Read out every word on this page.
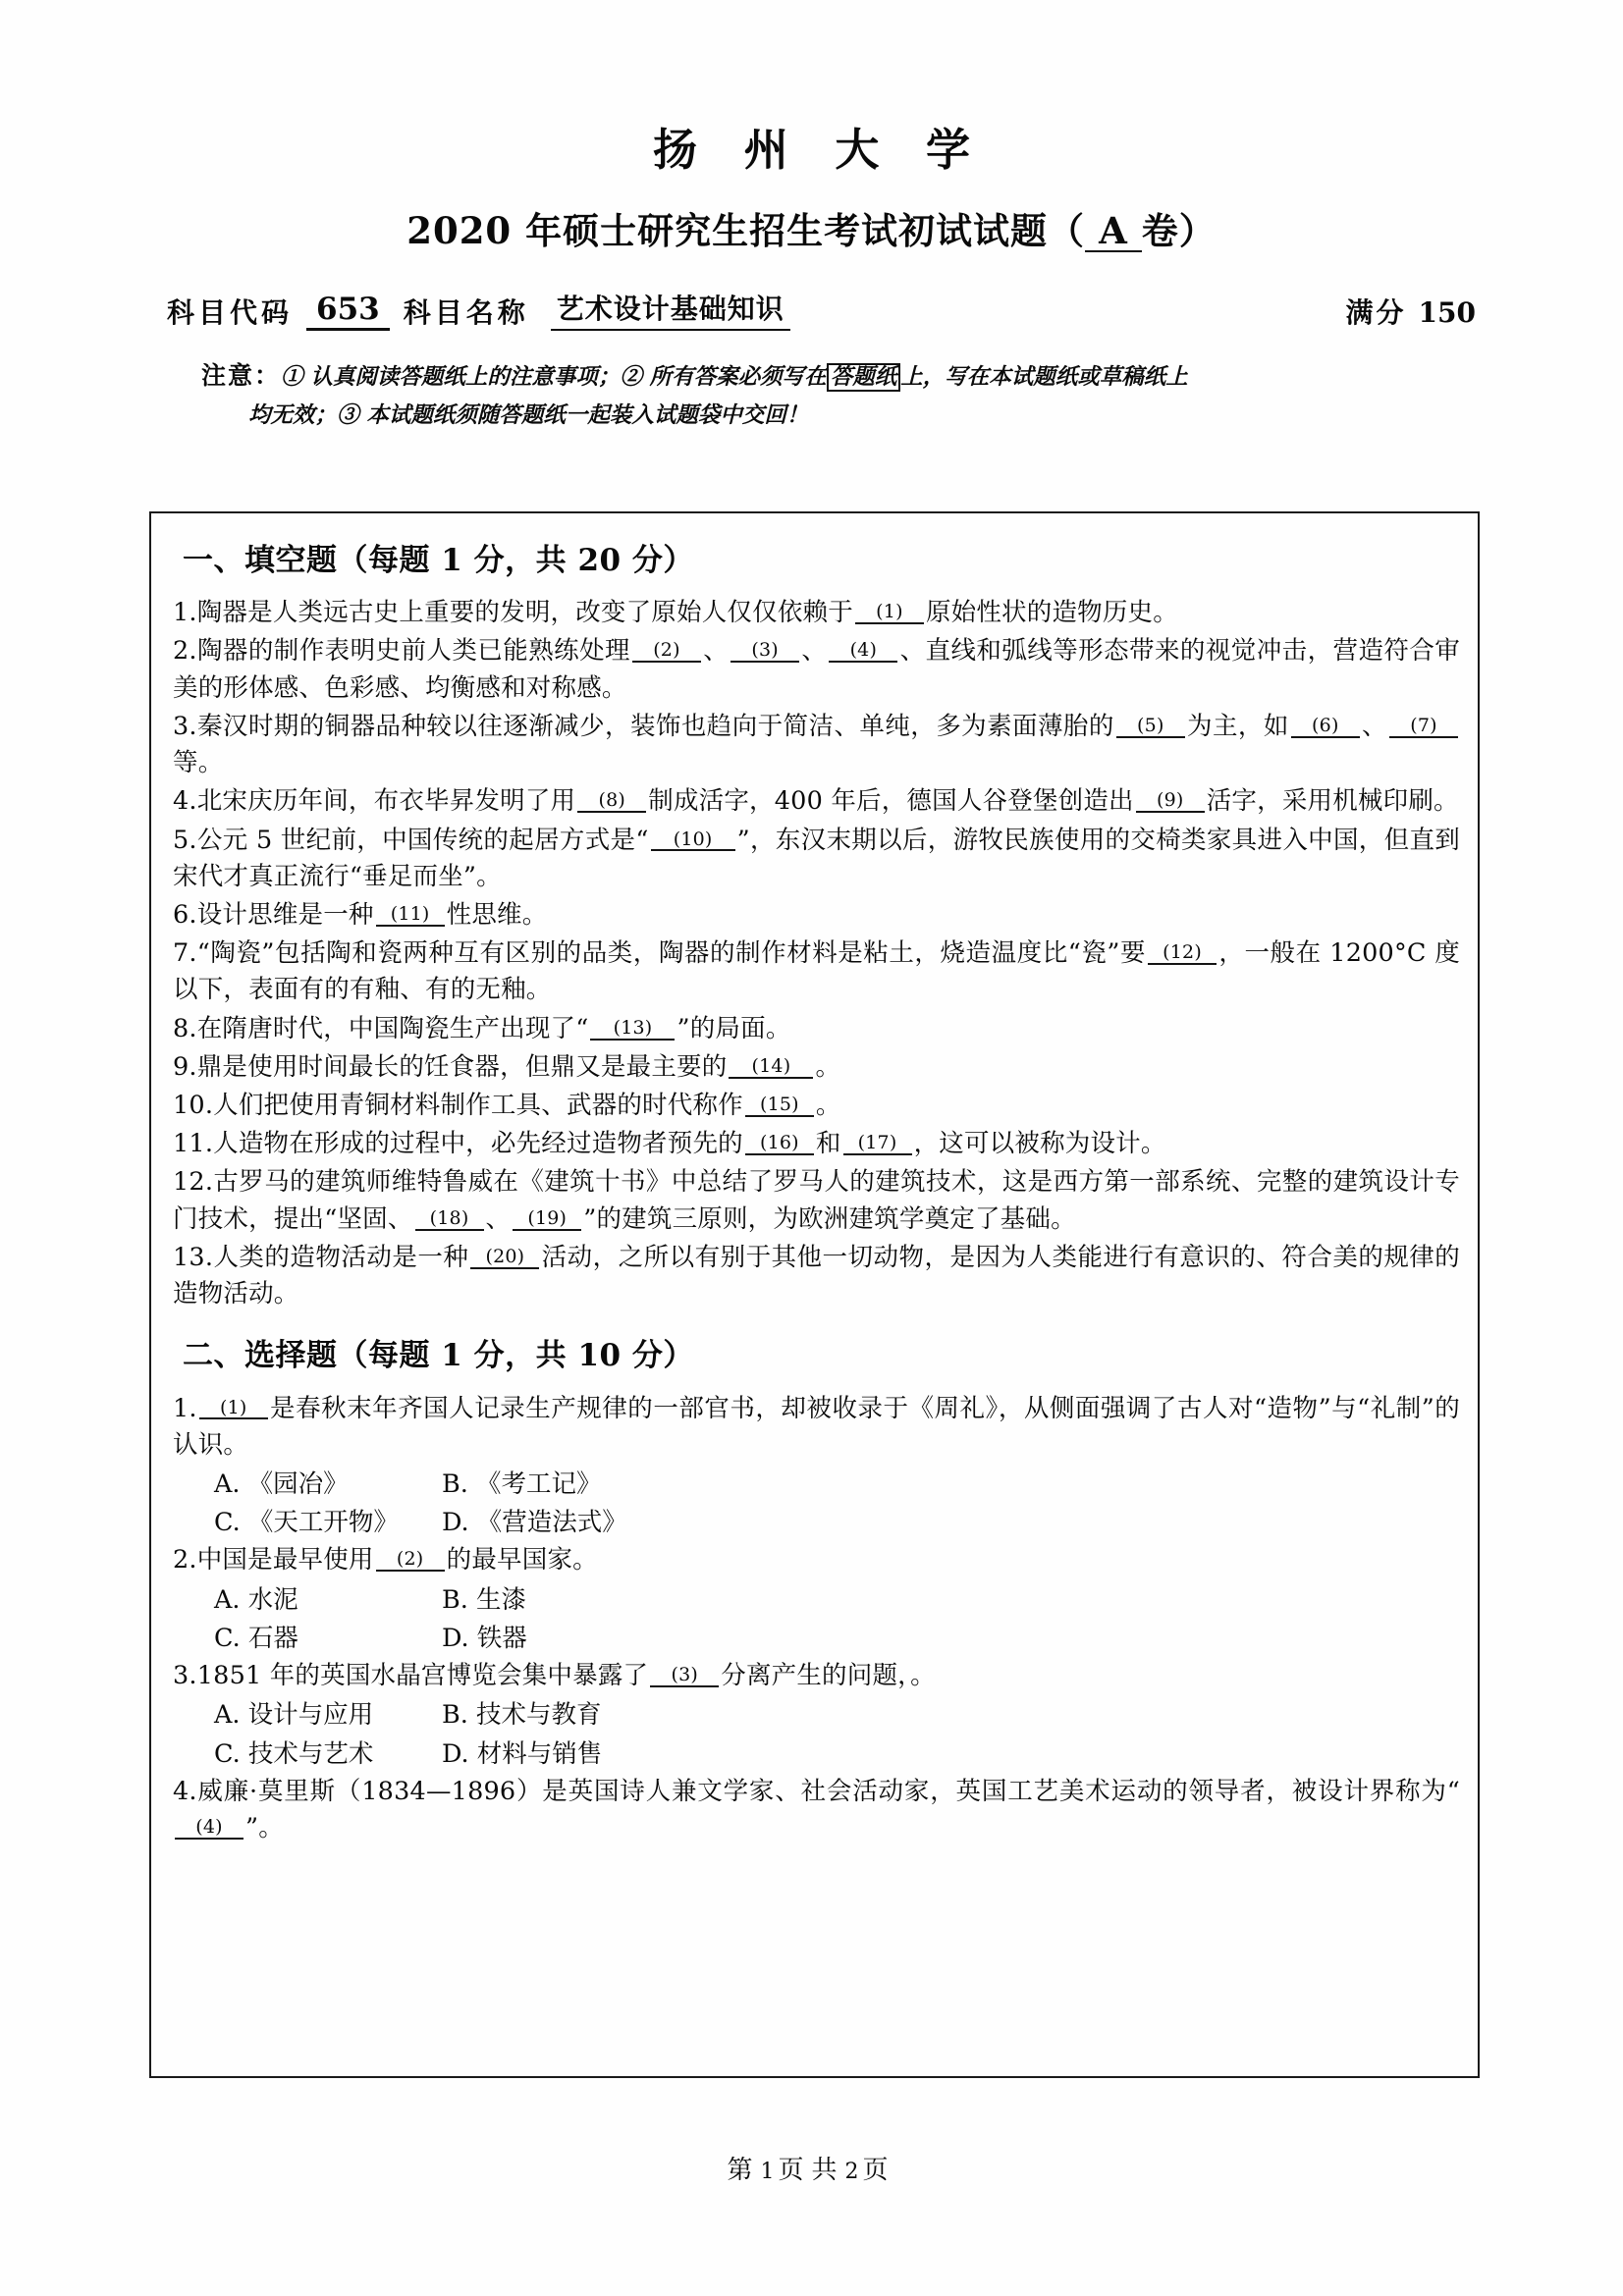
扬 州 大 学
2020 年硕士研究生招生考试初试试题（ A 卷）
科目代码 653 科目名称 艺术设计基础知识	满分 150
注意：① 认真阅读答题纸上的注意事项；② 所有答案必须写在 答题纸 上，写在本试题纸或草稿纸上
均无效；③ 本试题纸须随答题纸一起装入试题袋中交回！
一、填空题（每题 1 分，共 20 分）

1.陶器是人类远古史上重要的发明，改变了原始人仅仅依赖于 (1) 原始性状的造物历史。

2.陶器的制作表明史前人类已能熟练处理 (2) 、 (3) 、 (4) 、直线和弧线等形态带来的视觉冲击，营造符合审美的形体感、色彩感、均衡感和对称感。

3.秦汉时期的铜器品种较以往逐渐减少，装饰也趋向于简洁、单纯，多为素面薄胎的 (5) 为主，如 (6) 、 (7)等。

4.北宋庆历年间，布衣毕昇发明了用 (8) 制成活字，400 年后，德国人谷登堡创造出 (9) 活字，采用机械印刷。

5.公元 5 世纪前，中国传统的起居方式是“ (10) ”，东汉末期以后，游牧民族使用的交椅类家具进入中国，但直到宋代才真正流行“垂足而坐”。

6.设计思维是一种 (11) 性思维。

7.“陶瓷”包括陶和瓷两种互有区别的品类，陶器的制作材料是粘土，烧造温度比“瓷”要 (12) ，一般在 1200°C 度以下，表面有的有釉、有的无釉。

8.在隋唐时代，中国陶瓷生产出现了“ (13) ”的局面。

9.鼎是使用时间最长的饪食器，但鼎又是最主要的 (14) 。

10.人们把使用青铜材料制作工具、武器的时代称作 (15) 。

11.人造物在形成的过程中，必先经过造物者预先的 (16) 和 (17) ，这可以被称为设计。

12.古罗马的建筑师维特鲁威在《建筑十书》中总结了罗马人的建筑技术，这是西方第一部系统、完整的建筑设计专门技术，提出“坚固、 (18) 、 (19) ”的建筑三原则，为欧洲建筑学奠定了基础。

13.人类的造物活动是一种 (20) 活动，之所以有别于其他一切动物，是因为人类能进行有意识的、符合美的规律的造物活动。

二、选择题（每题 1 分，共 10 分）

1. (1) 是春秋末年齐国人记录生产规律的一部官书，却被收录于《周礼》，从侧面强调了古人对“造物”与“礼制”的认识。

A. 《园冶》	B. 《考工记》
C. 《天工开物》	D. 《营造法式》

2.中国是最早使用 (2) 的最早国家。

A. 水泥	B. 生漆
C. 石器	D. 铁器

3.1851 年的英国水晶宫博览会集中暴露了 (3) 分离产生的问题，。

A. 设计与应用	B. 技术与教育
C. 技术与艺术	D. 材料与销售

4.威廉·莫里斯（1834—1896）是英国诗人兼文学家、社会活动家，英国工艺美术运动的领导者，被设计界称为“(4) ”。

第1页共2页
